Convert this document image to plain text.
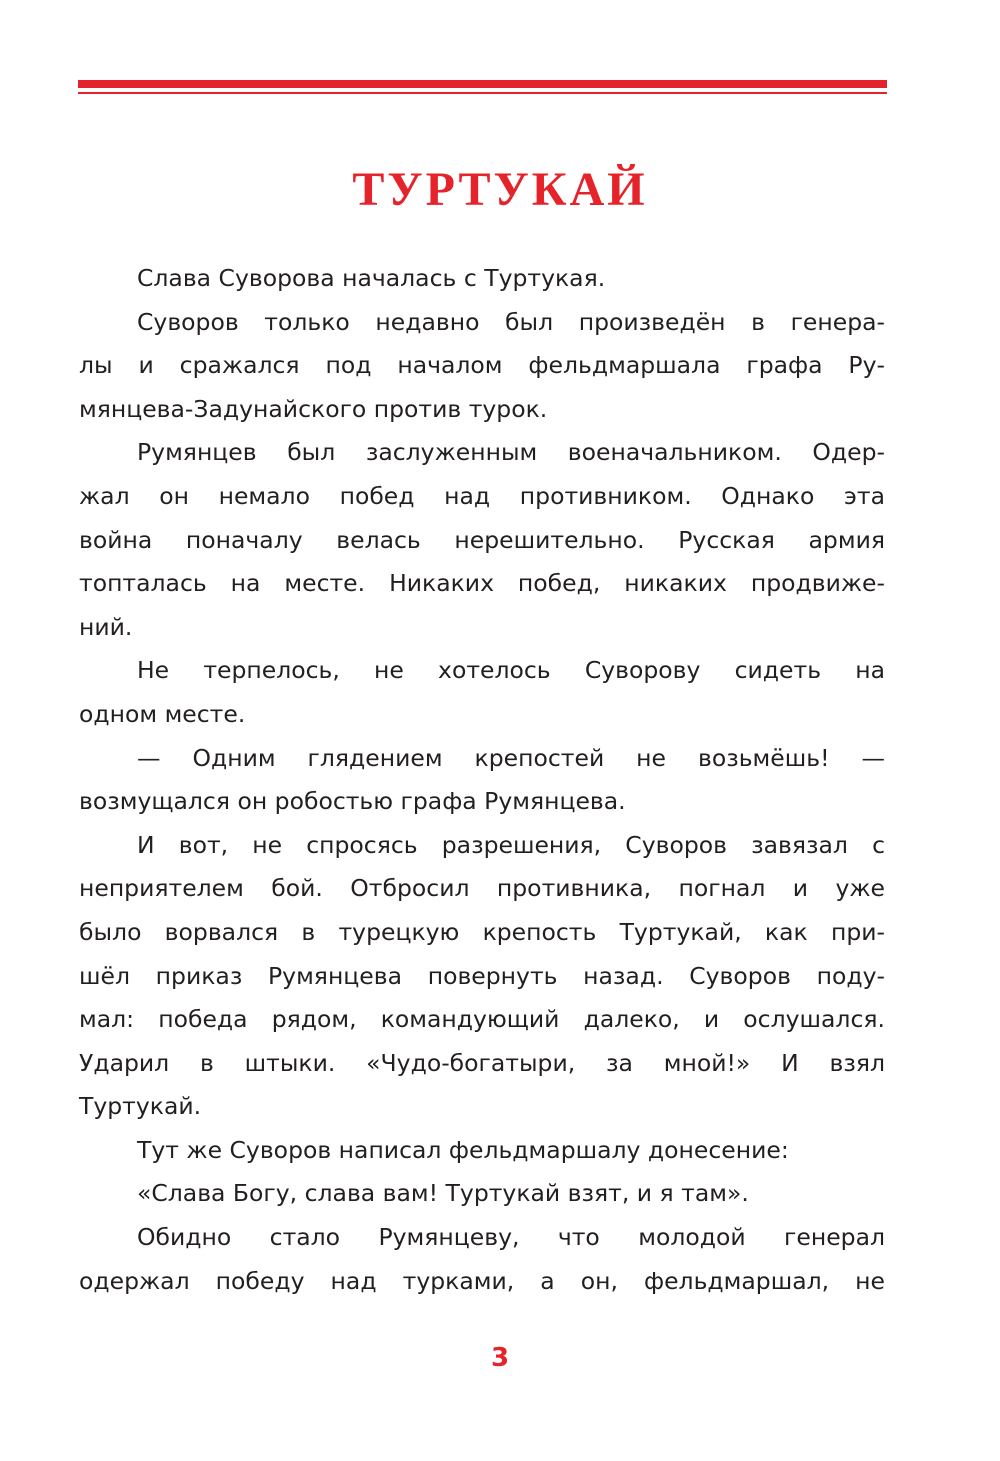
ТУРТУКАЙ
Слава Суворова началась с Туртукая.
Суворов только недавно был произведён в генера-
лы и сражался под началом фельдмаршала графа Ру-
мянцева-Задунайского против турок.
Румянцев был заслуженным военачальником. Одер-
жал он немало побед над противником. Однако эта
война поначалу велась нерешительно. Русская армия
топталась на месте. Никаких побед, никаких продвиже-
ний.
Не терпелось, не хотелось Суворову сидеть на
одном месте.
— Одним глядением крепостей не возьмёшь! —
возмущался он робостью графа Румянцева.
И вот, не спросясь разрешения, Суворов завязал с
неприятелем бой. Отбросил противника, погнал и уже
было ворвался в турецкую крепость Туртукай, как при-
шёл приказ Румянцева повернуть назад. Суворов поду-
мал: победа рядом, командующий далеко, и ослушался.
Ударил в штыки. «Чудо-богатыри, за мной!» И взял
Туртукай.
Тут же Суворов написал фельдмаршалу донесение:
«Слава Богу, слава вам! Туртукай взят, и я там».
Обидно стало Румянцеву, что молодой генерал
одержал победу над турками, а он, фельдмаршал, не
3
